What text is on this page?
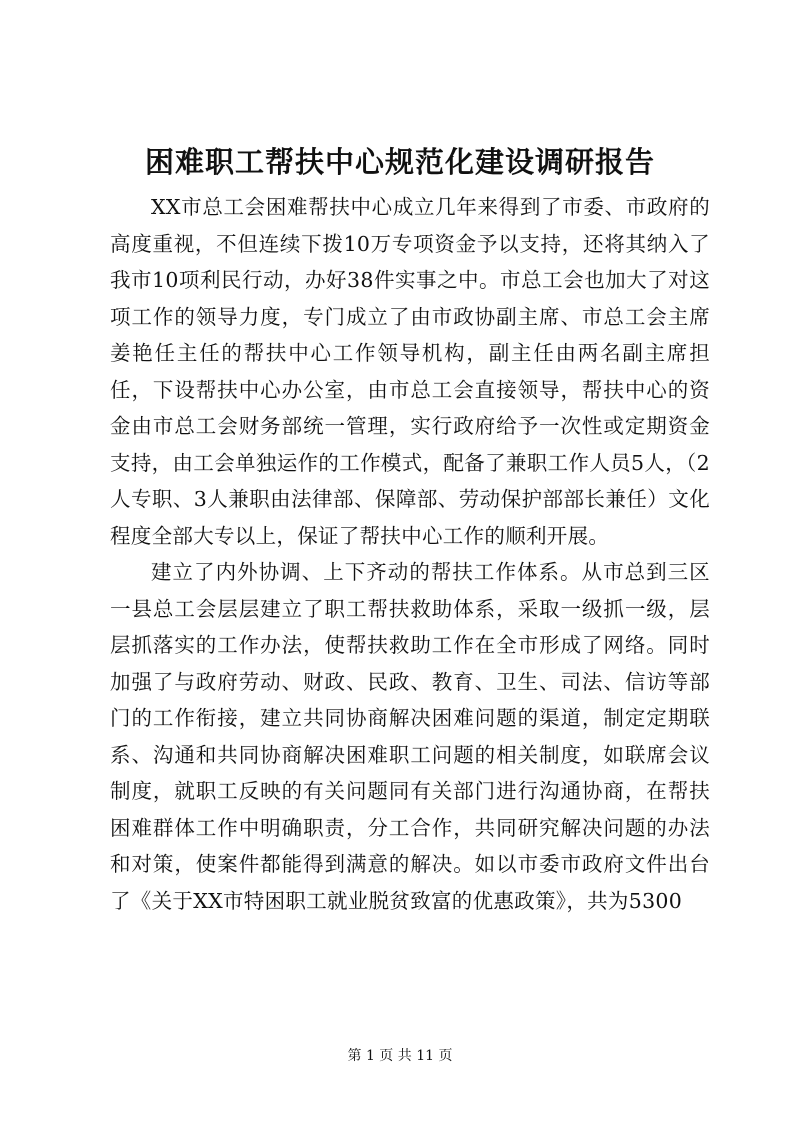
困难职工帮扶中心规范化建设调研报告

XX市总工会困难帮扶中心成立几年来得到了市委、市政府的高度重视，不但连续下拨10万专项资金予以支持，还将其纳入了我市10项利民行动，办好38件实事之中。市总工会也加大了对这项工作的领导力度，专门成立了由市政协副主席、市总工会主席姜艳任主任的帮扶中心工作领导机构，副主任由两名副主席担任，下设帮扶中心办公室，由市总工会直接领导，帮扶中心的资金由市总工会财务部统一管理，实行政府给予一次性或定期资金支持，由工会单独运作的工作模式，配备了兼职工作人员5人，（2人专职、3人兼职由法律部、保障部、劳动保护部部长兼任）文化程度全部大专以上，保证了帮扶中心工作的顺利开展。

建立了内外协调、上下齐动的帮扶工作体系。从市总到三区一县总工会层层建立了职工帮扶救助体系，采取一级抓一级，层层抓落实的工作办法，使帮扶救助工作在全市形成了网络。同时加强了与政府劳动、财政、民政、教育、卫生、司法、信访等部门的工作衔接，建立共同协商解决困难问题的渠道，制定定期联系、沟通和共同协商解决困难职工问题的相关制度，如联席会议制度，就职工反映的有关问题同有关部门进行沟通协商，在帮扶困难群体工作中明确职责，分工合作，共同研究解决问题的办法和对策，使案件都能得到满意的解决。如以市委市政府文件出台了《关于XX市特困职工就业脱贫致富的优惠政策》，共为5300

第 1 页 共 11 页
